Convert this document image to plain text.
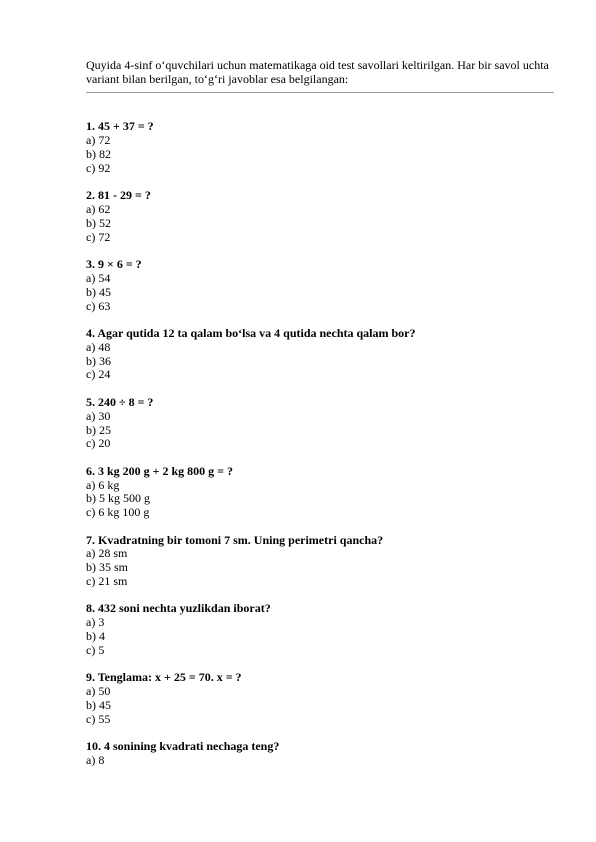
Quyida 4-sinf o‘quvchilari uchun matematikaga oid test savollari keltirilgan. Har bir savol uchta variant bilan berilgan, to‘g‘ri javoblar esa belgilangan:

1. 45 + 37 = ?

a) 72

b) 82

c) 92

2. 81 - 29 = ?

a) 62

b) 52

c) 72

3. 9 × 6 = ?

a) 54

b) 45

c) 63

4. Agar qutida 12 ta qalam bo‘lsa va 4 qutida nechta qalam bor?

a) 48

b) 36

c) 24

5. 240 ÷ 8 = ?

a) 30

b) 25

c) 20

6. 3 kg 200 g + 2 kg 800 g = ?

a) 6 kg

b) 5 kg 500 g

c) 6 kg 100 g

7. Kvadratning bir tomoni 7 sm. Uning perimetri qancha?

a) 28 sm

b) 35 sm

c) 21 sm

8. 432 soni nechta yuzlikdan iborat?

a) 3

b) 4

c) 5

9. Tenglama: x + 25 = 70. x = ?

a) 50

b) 45

c) 55

10. 4 sonining kvadrati nechaga teng?

a) 8
